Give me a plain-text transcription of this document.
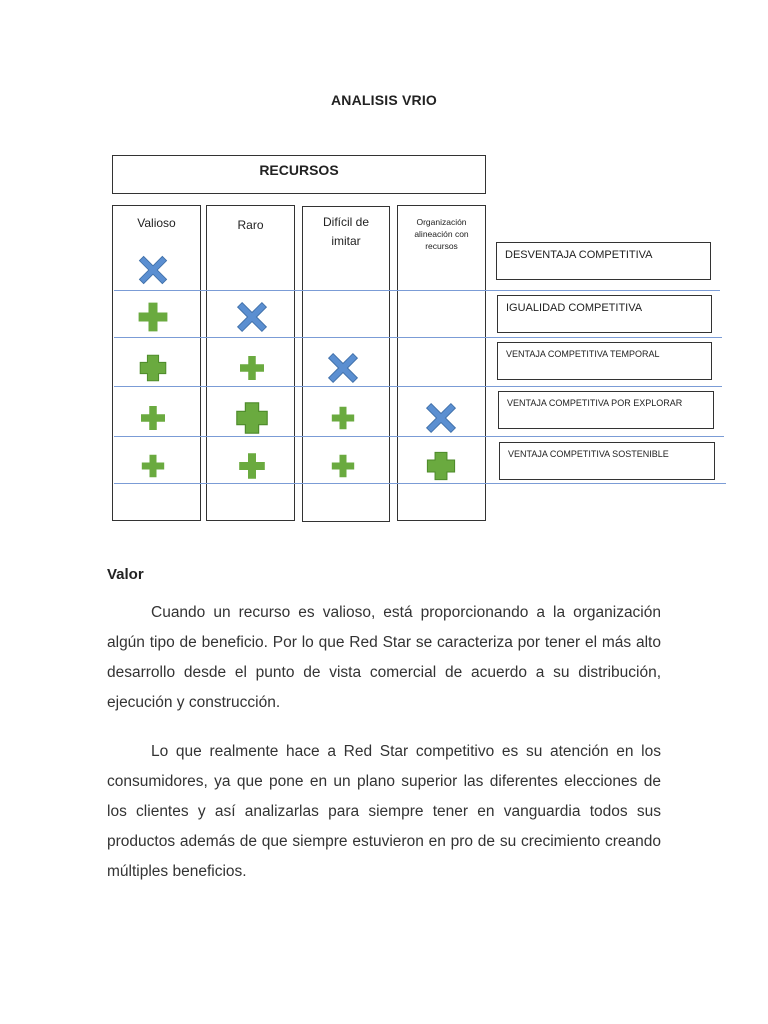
ANALISIS VRIO
RECURSOS
Valioso	Raro	Difícil de imitar
Organización alineación con recursos
DESVENTAJA COMPETITIVA
IGUALIDAD COMPETITIVA
VENTAJA COMPETITIVA TEMPORAL
VENTAJA COMPETITIVA POR EXPLORAR
VENTAJA COMPETITIVA SOSTENIBLE
Valor
Cuando un recurso es valioso, está proporcionando a la organización algún tipo de beneficio. Por lo que Red Star se caracteriza por tener el más alto desarrollo desde el punto de vista comercial de acuerdo a su distribución, ejecución y construcción.
Lo que realmente hace a Red Star competitivo es su atención en los consumidores, ya que pone en un plano superior las diferentes elecciones de los clientes y así analizarlas para siempre tener en vanguardia todos sus productos además de que siempre estuvieron en pro de su crecimiento creando múltiples beneficios.
